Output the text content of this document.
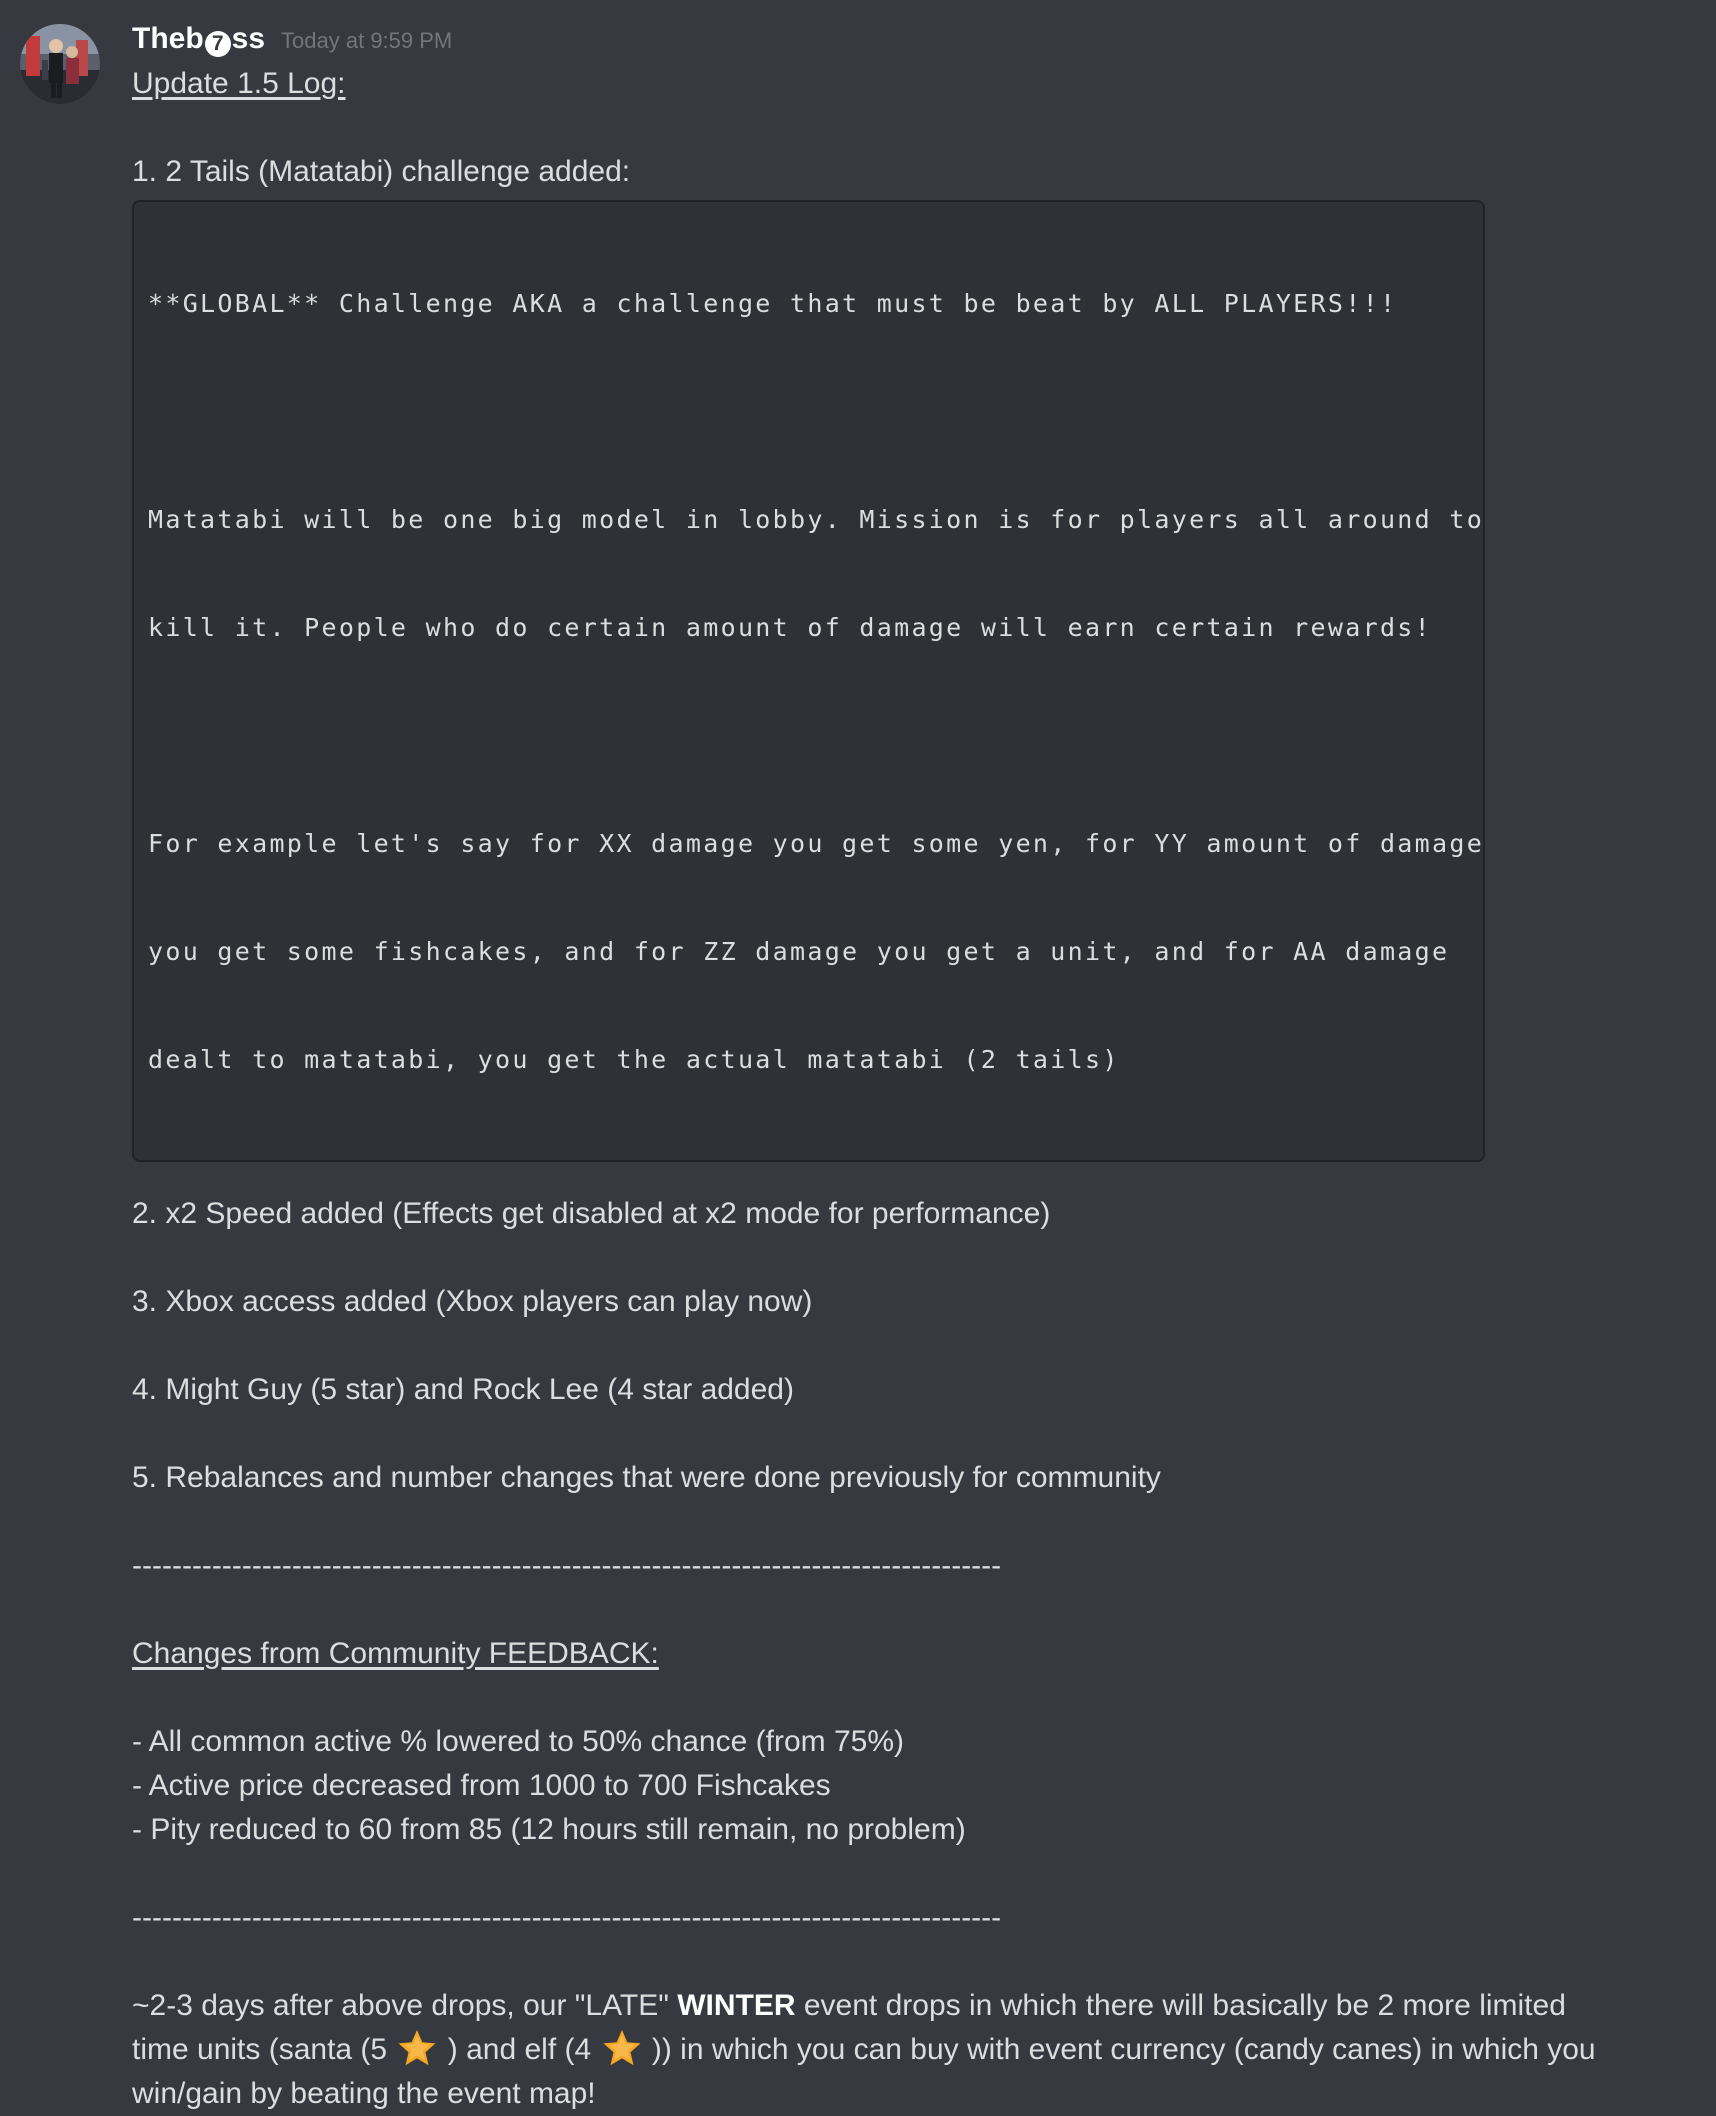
Theb 7 ss Today at 9:59 PM
Update 1.5 Log:
1. 2 Tails (Matatabi) challenge added:

**GLOBAL** Challenge AKA a challenge that must be beat by ALL PLAYERS!!!

Matatabi will be one big model in lobby. Mission is for players all around to

kill it. People who do certain amount of damage will earn certain rewards!

For example let's say for XX damage you get some yen, for YY amount of damage

you get some fishcakes, and for ZZ damage you get a unit, and for AA damage

dealt to matatabi, you get the actual matatabi (2 tails)

2. x2 Speed added (Effects get disabled at x2 mode for performance)
3. Xbox access added (Xbox players can play now)
4. Might Guy (5 star) and Rock Lee (4 star added)
5. Rebalances and number changes that were done previously for community
---------------------------------------------------------------------------------------
Changes from Community FEEDBACK:
- All common active % lowered to 50% chance (from 75%)
- Active price decreased from 1000 to 700 Fishcakes
- Pity reduced to 60 from 85 (12 hours still remain, no problem)
---------------------------------------------------------------------------------------
~2-3 days after above drops, our "LATE" WINTER event drops in which there will basically be 2 more limited
time units (santa (5  ) and elf (4  )) in which you can buy with event currency (candy canes) in which you
win/gain by beating the event map!
